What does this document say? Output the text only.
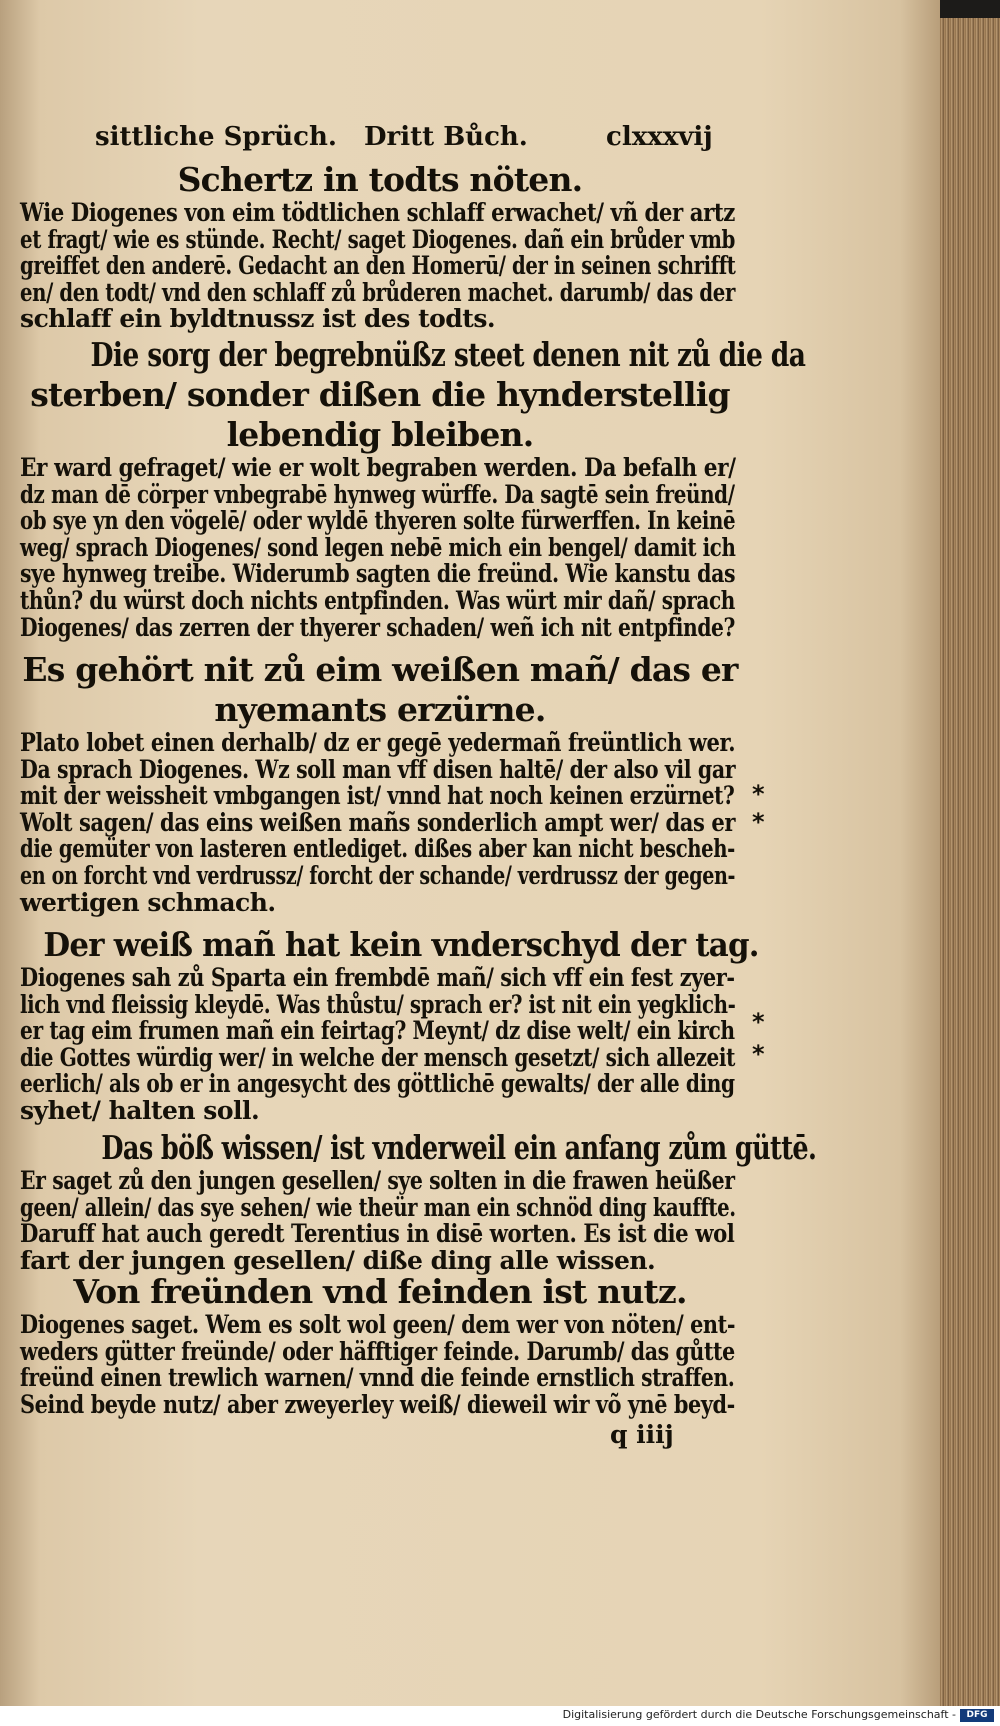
sittliche Sprüch. Dritt Bůch.	clxxxvij

Schertz in todts nöten.

Wie Diogenes von eim tödtlichen schlaff erwachet/ vñ der artz

et fragt/ wie es stünde. Recht/ saget Diogenes. dañ ein brůder vmb

greiffet den anderē. Gedacht an den Homerū/ der in seinen schrifft

en/ den todt/ vnd den schlaff zů brůderen machet. darumb/ das der

schlaff ein byldtnussz ist des todts.

Die sorg der begrebnüßz steet denen nit zů die da

sterben/ sonder dißen die hynderstellig

lebendig bleiben.

Er ward gefraget/ wie er wolt begraben werden. Da befalh er/

dz man dē cörper vnbegrabē hynweg würffe. Da sagtē sein freünd/

ob sye yn den vögelē/ oder wyldē thyeren solte fürwerffen. In keinē

weg/ sprach Diogenes/ sond legen nebē mich ein bengel/ damit ich

sye hynweg treibe. Widerumb sagten die freünd. Wie kanstu das

thůn? du würst doch nichts entpfinden. Was würt mir dañ/ sprach

Diogenes/ das zerren der thyerer schaden/ weñ ich nit entpfinde?

Es gehört nit zů eim weißen mañ/ das er

nyemants erzürne.

Plato lobet einen derhalb/ dz er gegē yedermañ freüntlich wer.

Da sprach Diogenes. Wz soll man vff disen haltē/ der also vil gar

mit der weissheit vmbgangen ist/ vnnd hat noch keinen erzürnet?

Wolt sagen/ das eins weißen mañs sonderlich ampt wer/ das er

die gemüter von lasteren entlediget. dißes aber kan nicht bescheh-

en on forcht vnd verdrussz/ forcht der schande/ verdrussz der gegen-

wertigen schmach.

Der weiß mañ hat kein vnderschyd der tag.

Diogenes sah zů Sparta ein frembdē mañ/ sich vff ein fest zyer-

lich vnd fleissig kleydē. Was thůstu/ sprach er? ist nit ein yegklich-

er tag eim frumen mañ ein feirtag? Meynt/ dz dise welt/ ein kirch

die Gottes würdig wer/ in welche der mensch gesetzt/ sich allezeit

eerlich/ als ob er in angesycht des göttlichē gewalts/ der alle ding

syhet/ halten soll.

Das böß wissen/ ist vnderweil ein anfang zům güttē.

Er saget zů den jungen gesellen/ sye solten in die frawen heüßer

geen/ allein/ das sye sehen/ wie theür man ein schnöd ding kauffte.

Daruff hat auch geredt Terentius in disē worten. Es ist die wol

fart der jungen gesellen/ diße ding alle wissen.

Von freünden vnd feinden ist nutz.

Diogenes saget. Wem es solt wol geen/ dem wer von nöten/ ent-

weders gütter freünde/ oder häfftiger feinde. Darumb/ das gůtte

freünd einen trewlich warnen/ vnnd die feinde ernstlich straffen.

Seind beyde nutz/ aber zweyerley weiß/ dieweil wir võ ynē beyd-

*
*
*
*
q iiij
Digitalisierung gefördert durch die Deutsche Forschungsgemeinschaft -	DFG
